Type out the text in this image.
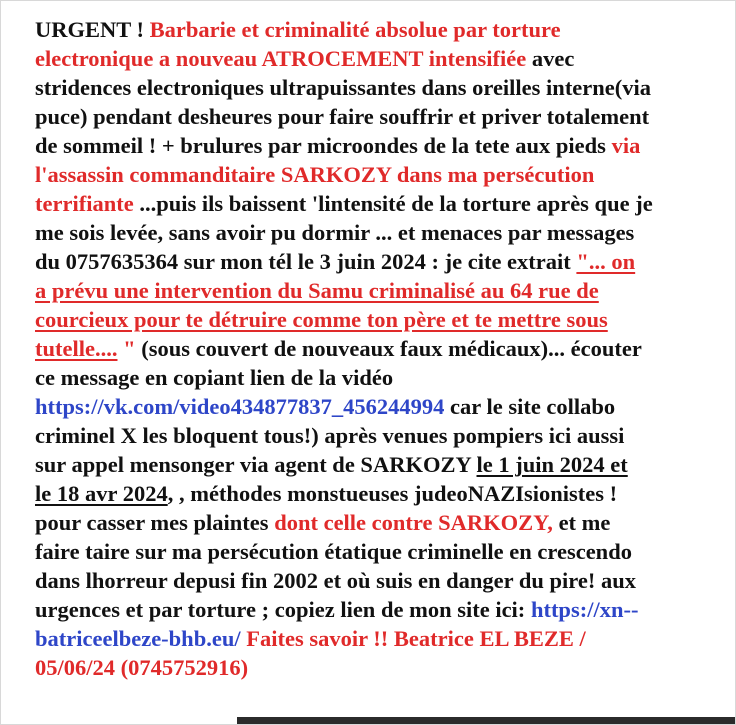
URGENT ! Barbarie et criminalité absolue par torture
electronique a nouveau ATROCEMENT intensifiée avec
stridences electroniques ultrapuissantes dans oreilles interne(via
puce) pendant desheures pour faire souffrir et priver totalement
de sommeil ! + brulures par microondes de la tete aux pieds via
l'assassin commanditaire SARKOZY dans ma persécution
terrifiante ...puis ils baissent 'lintensité de la torture après que je
me sois levée, sans avoir pu dormir ... et menaces par messages
du 0757635364 sur mon tél le 3 juin 2024 : je cite extrait "... on
a prévu une intervention du Samu criminalisé au 64 rue de
courcieux pour te détruire comme ton père et te mettre sous
tutelle.... " (sous couvert de nouveaux faux médicaux)... écouter
ce message en copiant lien de la vidéo
https://vk.com/video434877837_456244994 car le site collabo
criminel X les bloquent tous!) après venues pompiers ici aussi
sur appel mensonger via agent de SARKOZY le 1 juin 2024 et
le 18 avr 2024, , méthodes monstueuses judeoNAZIsionistes !
pour casser mes plaintes dont celle contre SARKOZY, et me
faire taire sur ma persécution étatique criminelle en crescendo
dans lhorreur depusi fin 2002 et où suis en danger du pire! aux
urgences et par torture ; copiez lien de mon site ici: https://xn--
batriceelbeze-bhb.eu/ Faites savoir !! Beatrice EL BEZE /
05/06/24 (0745752916)
